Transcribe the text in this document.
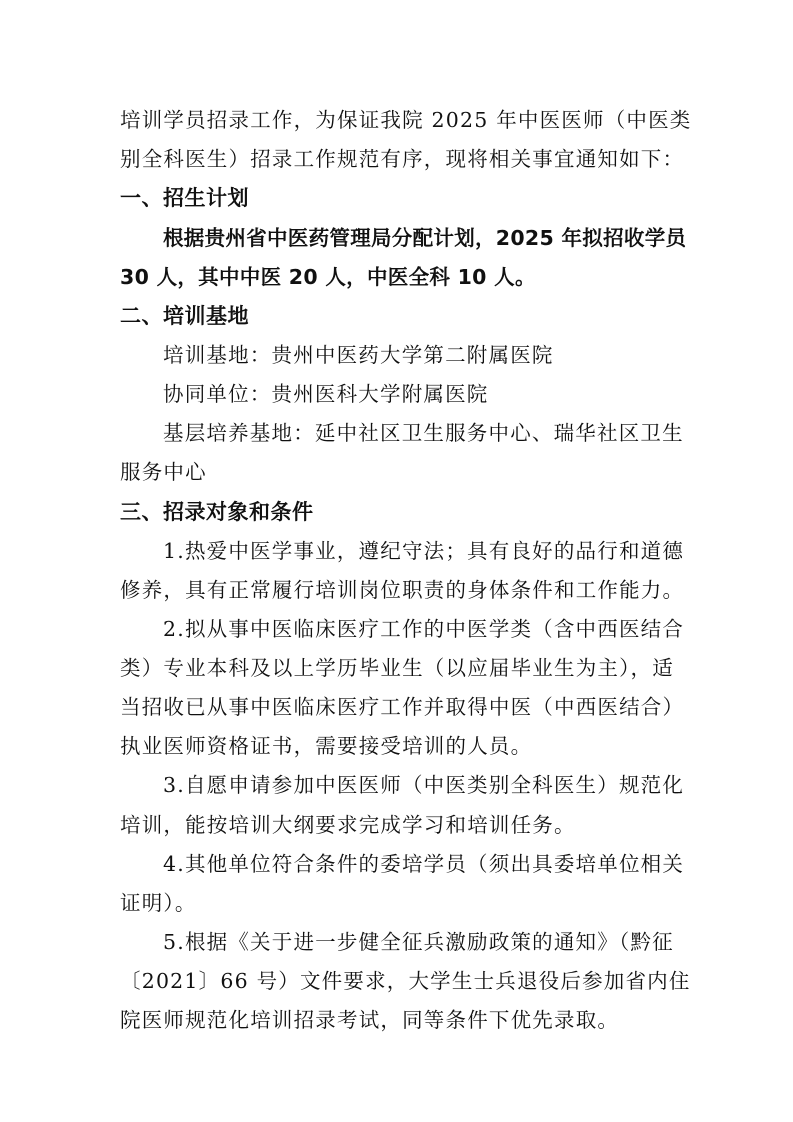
培训学员招录工作，为保证我院 2025 年中医医师（中医类
别全科医生）招录工作规范有序，现将相关事宜通知如下：
一、招生计划
根据贵州省中医药管理局分配计划，2025 年拟招收学员
30 人，其中中医 20 人，中医全科 10 人。
二、培训基地
培训基地：贵州中医药大学第二附属医院
协同单位：贵州医科大学附属医院
基层培养基地：延中社区卫生服务中心、瑞华社区卫生
服务中心
三、招录对象和条件
1.热爱中医学事业，遵纪守法；具有良好的品行和道德
修养，具有正常履行培训岗位职责的身体条件和工作能力。
2.拟从事中医临床医疗工作的中医学类（含中西医结合
类）专业本科及以上学历毕业生（以应届毕业生为主），适
当招收已从事中医临床医疗工作并取得中医（中西医结合）
执业医师资格证书，需要接受培训的人员。
3.自愿申请参加中医医师（中医类别全科医生）规范化
培训，能按培训大纲要求完成学习和培训任务。
4.其他单位符合条件的委培学员（须出具委培单位相关
证明）。
5.根据《关于进一步健全征兵激励政策的通知》（黔征
〔2021〕66 号）文件要求，大学生士兵退役后参加省内住
院医师规范化培训招录考试，同等条件下优先录取。
